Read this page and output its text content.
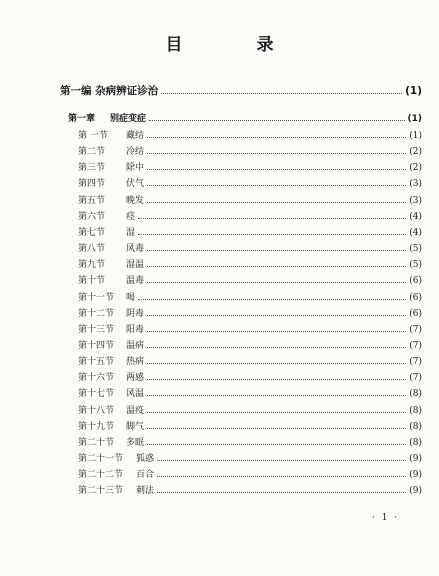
目 录
第一编 杂病辨证诊治	(1)
第一章	别症变症	(1)
第 一节	藏结	(1)
第二节	冷结	(2)
第三节	除中	(2)
第四节	伏气	(3)
第五节	晚发	(3)
第六节	痉	(4)
第七节	湿	(4)
第八节	风毒	(5)
第九节	湿温	(5)
第十节	温毒	(6)
第十一节	喝	(6)
第十二节	阴毒	(6)
第十三节	阳毒	(7)
第十四节	温病	(7)
第十五节	热病	(7)
第十六节	两感	(7)
第十七节	风温	(8)
第十八节	温疫	(8)
第十九节	脚气	(8)
第二十节	多眠	(8)
第二十一节	狐惑	(9)
第二十二节	百合	(9)
第二十三节	刺法	(9)
· 1 ·
